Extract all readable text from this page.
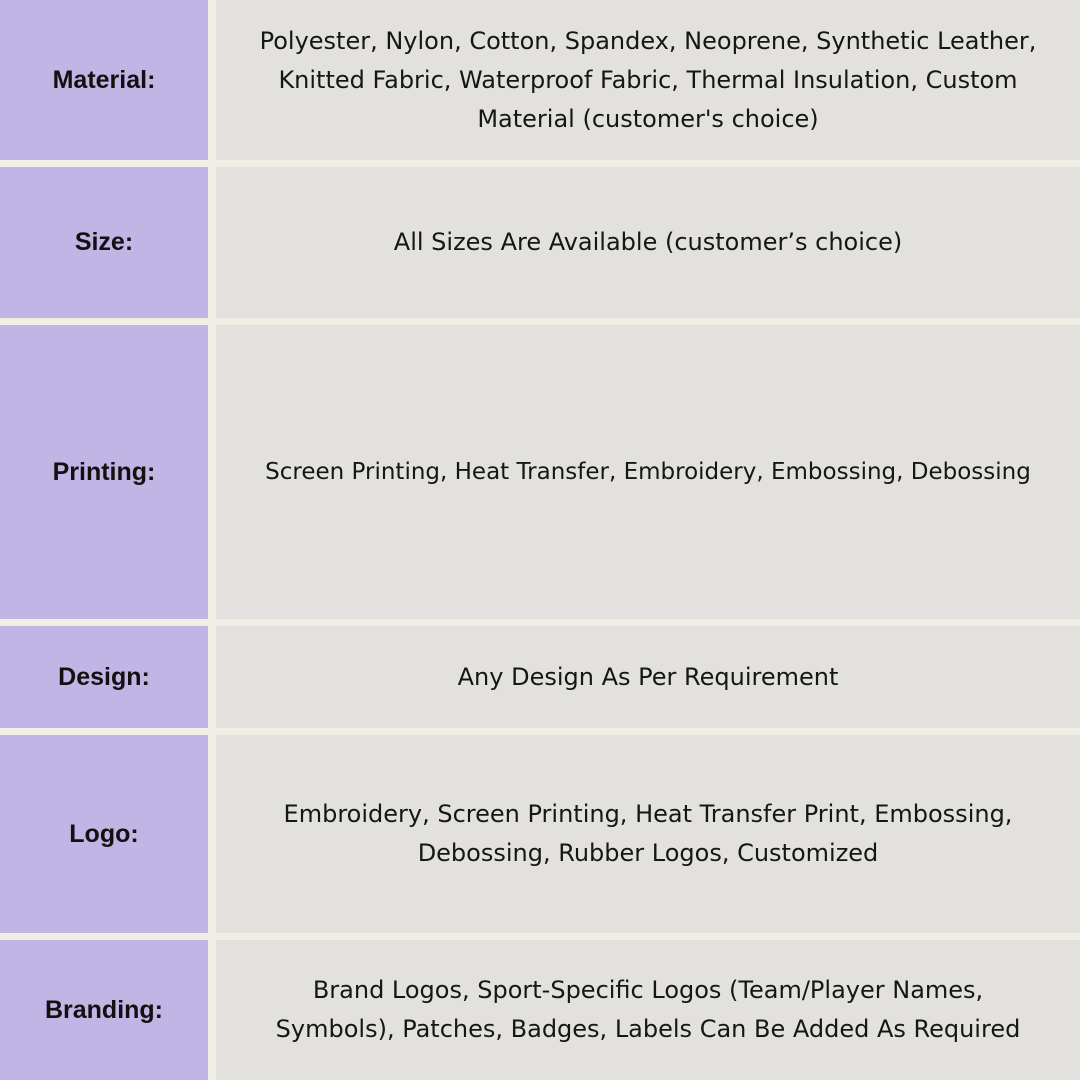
Material:
Polyester, Nylon, Cotton, Spandex, Neoprene, Synthetic Leather, Knitted Fabric, Waterproof Fabric, Thermal Insulation, Custom Material (customer's choice)
Size:	All Sizes Are Available (customer’s choice)
Printing:	Screen Printing, Heat Transfer, Embroidery, Embossing, Debossing
Design:	Any Design As Per Requirement
Logo:
Embroidery, Screen Printing, Heat Transfer Print, Embossing, Debossing, Rubber Logos, Customized
Branding:
Brand Logos, Sport-Specific Logos (Team/Player Names, Symbols), Patches, Badges, Labels Can Be Added As Required
